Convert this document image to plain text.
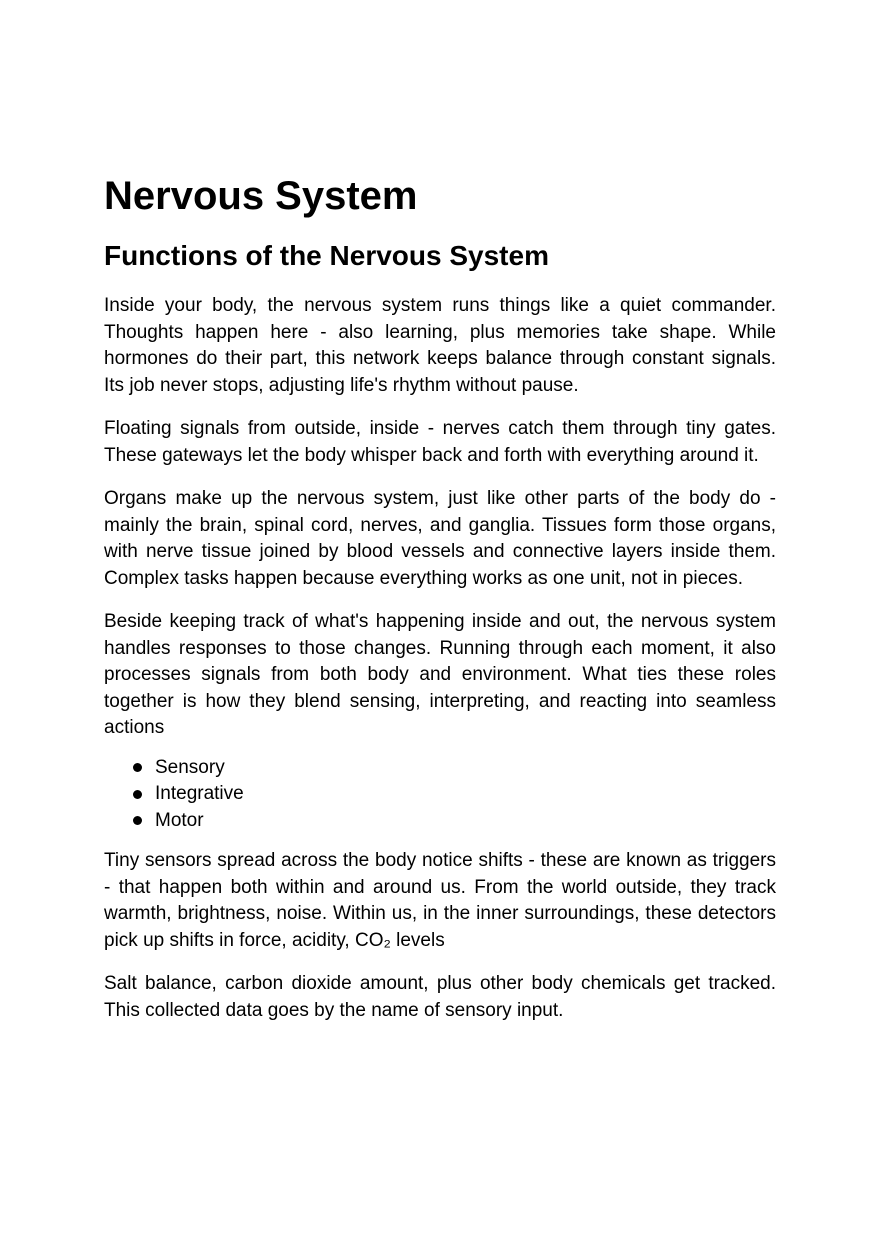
Nervous System
Functions of the Nervous System

Inside your body, the nervous system runs things like a quiet commander. Thoughts happen here - also learning, plus memories take shape. While hormones do their part, this network keeps balance through constant signals. Its job never stops, adjusting life's rhythm without pause.

Floating signals from outside, inside - nerves catch them through tiny gates. These gateways let the body whisper back and forth with everything around it.

Organs make up the nervous system, just like other parts of the body do - mainly the brain, spinal cord, nerves, and ganglia. Tissues form those organs, with nerve tissue joined by blood vessels and connective layers inside them. Complex tasks happen because everything works as one unit, not in pieces.

Beside keeping track of what's happening inside and out, the nervous system handles responses to those changes. Running through each moment, it also processes signals from both body and environment. What ties these roles together is how they blend sensing, interpreting, and reacting into seamless actions

Sensory
Integrative
Motor

Tiny sensors spread across the body notice shifts - these are known as triggers - that happen both within and around us. From the world outside, they track warmth, brightness, noise. Within us, in the inner surroundings, these detectors pick up shifts in force, acidity, CO₂ levels

Salt balance, carbon dioxide amount, plus other body chemicals get tracked. This collected data goes by the name of sensory input.
